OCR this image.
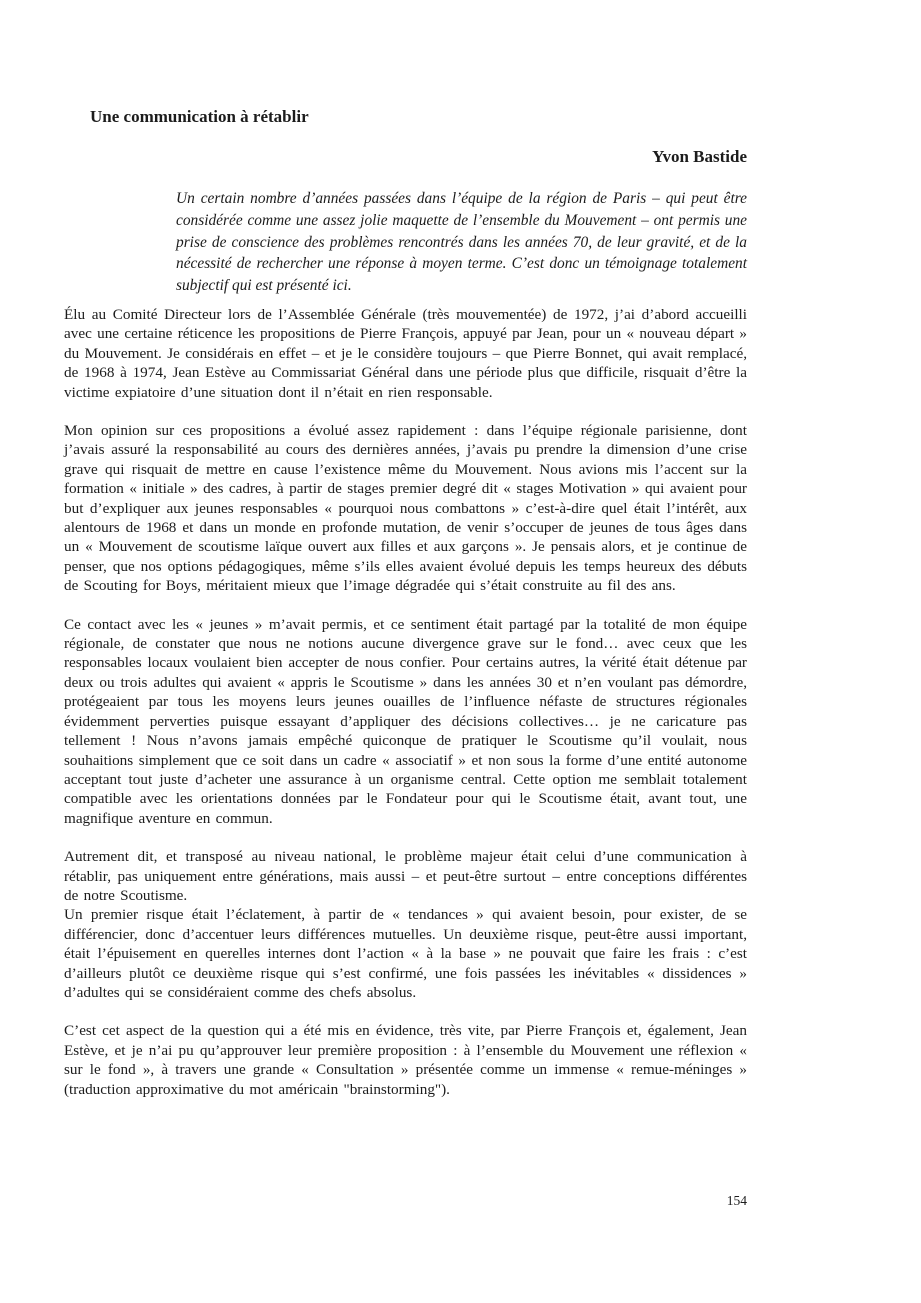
Une communication à rétablir
Yvon Bastide

Un certain nombre d’années passées dans l’équipe de la région de Paris – qui peut être considérée comme une assez jolie maquette de l’ensemble du Mouvement – ont permis une prise de conscience des problèmes rencontrés dans les années 70, de leur gravité, et de la nécessité de rechercher une réponse à moyen terme. C’est donc un témoignage totalement subjectif qui est présenté ici.

Élu au Comité Directeur lors de l’Assemblée Générale (très mouvementée) de 1972, j’ai d’abord accueilli avec une certaine réticence les propositions de Pierre François, appuyé par Jean, pour un « nouveau départ » du Mouvement. Je considérais en effet – et je le considère toujours – que Pierre Bonnet, qui avait remplacé, de 1968 à 1974, Jean Estève au Commissariat Général dans une période plus que difficile, risquait d’être la victime expiatoire d’une situation dont il n’était en rien responsable.

Mon opinion sur ces propositions a évolué assez rapidement : dans l’équipe régionale parisienne, dont j’avais assuré la responsabilité au cours des dernières années, j’avais pu prendre la dimension d’une crise grave qui risquait de mettre en cause l’existence même du Mouvement. Nous avions mis l’accent sur la formation « initiale » des cadres, à partir de stages premier degré dit « stages Motivation » qui avaient pour but d’expliquer aux jeunes responsables « pourquoi nous combattons » c’est-à-dire quel était l’intérêt, aux alentours de 1968 et dans un monde en profonde mutation, de venir s’occuper de jeunes de tous âges dans un « Mouvement de scoutisme laïque ouvert aux filles et aux garçons ». Je pensais alors, et je continue de penser, que nos options pédagogiques, même s’ils elles avaient évolué depuis les temps heureux des débuts de Scouting for Boys, méritaient mieux que l’image dégradée qui s’était construite au fil des ans.

Ce contact avec les « jeunes » m’avait permis, et ce sentiment était partagé par la totalité de mon équipe régionale, de constater que nous ne notions aucune divergence grave sur le fond… avec ceux que les responsables locaux voulaient bien accepter de nous confier. Pour certains autres, la vérité était détenue par deux ou trois adultes qui avaient « appris le Scoutisme » dans les années 30 et n’en voulant pas démordre, protégeaient par tous les moyens leurs jeunes ouailles de l’influence néfaste de structures régionales évidemment perverties puisque essayant d’appliquer des décisions collectives… je ne caricature pas tellement ! Nous n’avons jamais empêché quiconque de pratiquer le Scoutisme qu’il voulait, nous souhaitions simplement que ce soit dans un cadre « associatif » et non sous la forme d’une entité autonome acceptant tout juste d’acheter une assurance à un organisme central. Cette option me semblait totalement compatible avec les orientations données par le Fondateur pour qui le Scoutisme était, avant tout, une magnifique aventure en commun.

Autrement dit, et transposé au niveau national, le problème majeur était celui d’une communication à rétablir, pas uniquement entre générations, mais aussi – et peut-être surtout – entre conceptions différentes de notre Scoutisme.

Un premier risque était l’éclatement, à partir de « tendances » qui avaient besoin, pour exister, de se différencier, donc d’accentuer leurs différences mutuelles. Un deuxième risque, peut-être aussi important, était l’épuisement en querelles internes dont l’action « à la base » ne pouvait que faire les frais : c’est d’ailleurs plutôt ce deuxième risque qui s’est confirmé, une fois passées les inévitables « dissidences » d’adultes qui se considéraient comme des chefs absolus.

C’est cet aspect de la question qui a été mis en évidence, très vite, par Pierre François et, également, Jean Estève, et je n’ai pu qu’approuver leur première proposition : à l’ensemble du Mouvement une réflexion « sur le fond », à travers une grande « Consultation » présentée comme un immense « remue-méninges » (traduction approximative du mot américain "brainstorming").

154
